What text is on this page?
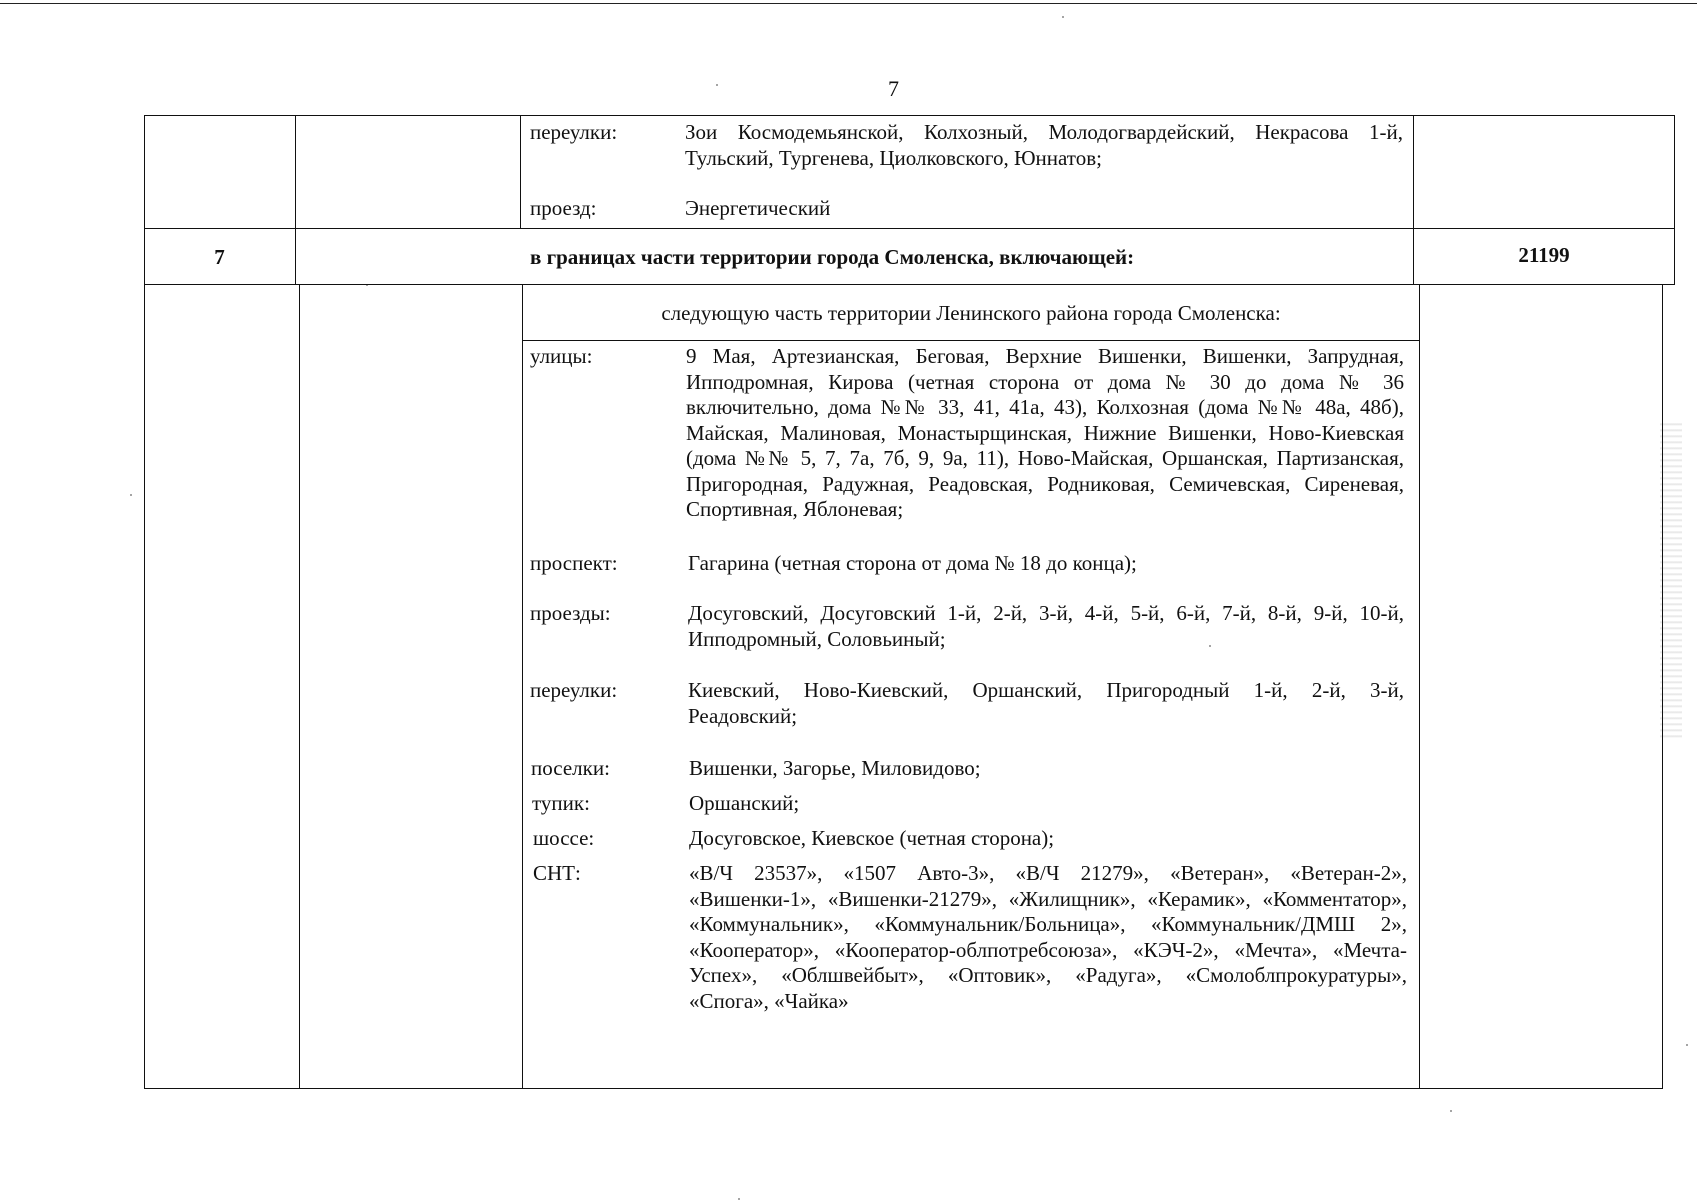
7
переулки:	Зои Космодемьянской, Колхозный, Молодогвардейский, Некрасова 1-й, Тульский, Тургенева, Циолковского, Юннатов;
проезд:	Энергетический
7	в границах части территории города Смоленска, включающей:	21199
следующую часть территории Ленинского района города Смоленска:
улицы:	9 Мая, Артезианская, Беговая, Верхние Вишенки, Вишенки, Запрудная, Ипподромная, Кирова (четная сторона от дома № 30 до дома № 36 включительно, дома №№ 33, 41, 41а, 43), Колхозная (дома №№ 48а, 48б), Майская, Малиновая, Монастырщинская, Нижние Вишенки, Ново-Киевская (дома №№ 5, 7, 7а, 7б, 9, 9а, 11), Ново-Майская, Оршанская, Партизанская, Пригородная, Радужная, Реадовская, Родниковая, Семичевская, Сиреневая, Спортивная, Яблоневая;
проспект:	Гагарина (четная сторона от дома № 18 до конца);
проезды:	Досуговский, Досуговский 1-й, 2-й, 3-й, 4-й, 5-й, 6-й, 7-й, 8-й, 9-й, 10-й, Ипподромный, Соловьиный;
переулки:	Киевский, Ново-Киевский, Оршанский, Пригородный 1-й, 2-й, 3-й, Реадовский;
поселки:	Вишенки, Загорье, Миловидово;
тупик:	Оршанский;
шоссе:	Досуговское, Киевское (четная сторона);
СНТ:	«В/Ч 23537», «1507 Авто-3», «В/Ч 21279», «Ветеран», «Ветеран-2», «Вишенки-1», «Вишенки-21279», «Жилищник», «Керамик», «Комментатор», «Коммунальник», «Коммунальник/Больница», «Коммунальник/ДМШ 2», «Кооператор», «Кооператор-облпотребсоюза», «КЭЧ-2», «Мечта», «Мечта-Успех», «Облшвейбыт», «Оптовик», «Радуга», «Смолоблпрокуратуры», «Спога», «Чайка»
